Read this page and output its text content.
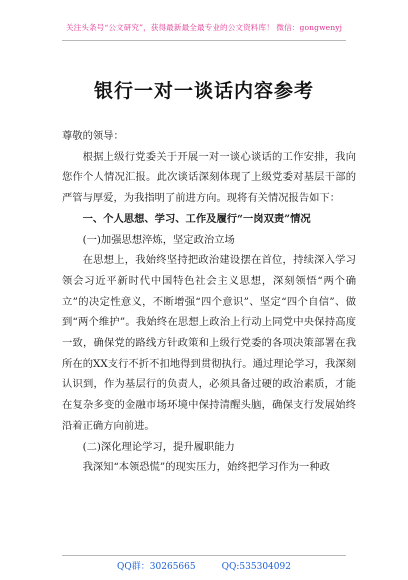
关注头条号“公文研究”，获得最新最全最专业的公文资料库！ 微信：gongwenyj
银行一对一谈话内容参考

尊敬的领导：

根据上级行党委关于开展一对一谈心谈话的工作安排，我向您作个人情况汇报。此次谈话深刻体现了上级党委对基层干部的严管与厚爱，为我指明了前进方向。现将有关情况报告如下：

一、个人思想、学习、工作及履行“一岗双责”情况

(一)加强思想淬炼，坚定政治立场

在思想上，我始终坚持把政治建设摆在首位，持续深入学习领会习近平新时代中国特色社会主义思想，深刻领悟“两个确立”的决定性意义，不断增强“四个意识”、坚定“四个自信”、做到“两个维护”。我始终在思想上政治上行动上同党中央保持高度一致，确保党的路线方针政策和上级行党委的各项决策部署在我所在的XX支行不折不扣地得到贯彻执行。通过理论学习，我深刻认识到，作为基层行的负责人，必须具备过硬的政治素质，才能在复杂多变的金融市场环境中保持清醒头脑，确保支行发展始终沿着正确方向前进。

(二)深化理论学习，提升履职能力

我深知“本领恐慌”的现实压力，始终把学习作为一种政

QQ群：30265665	QQ:535304092
